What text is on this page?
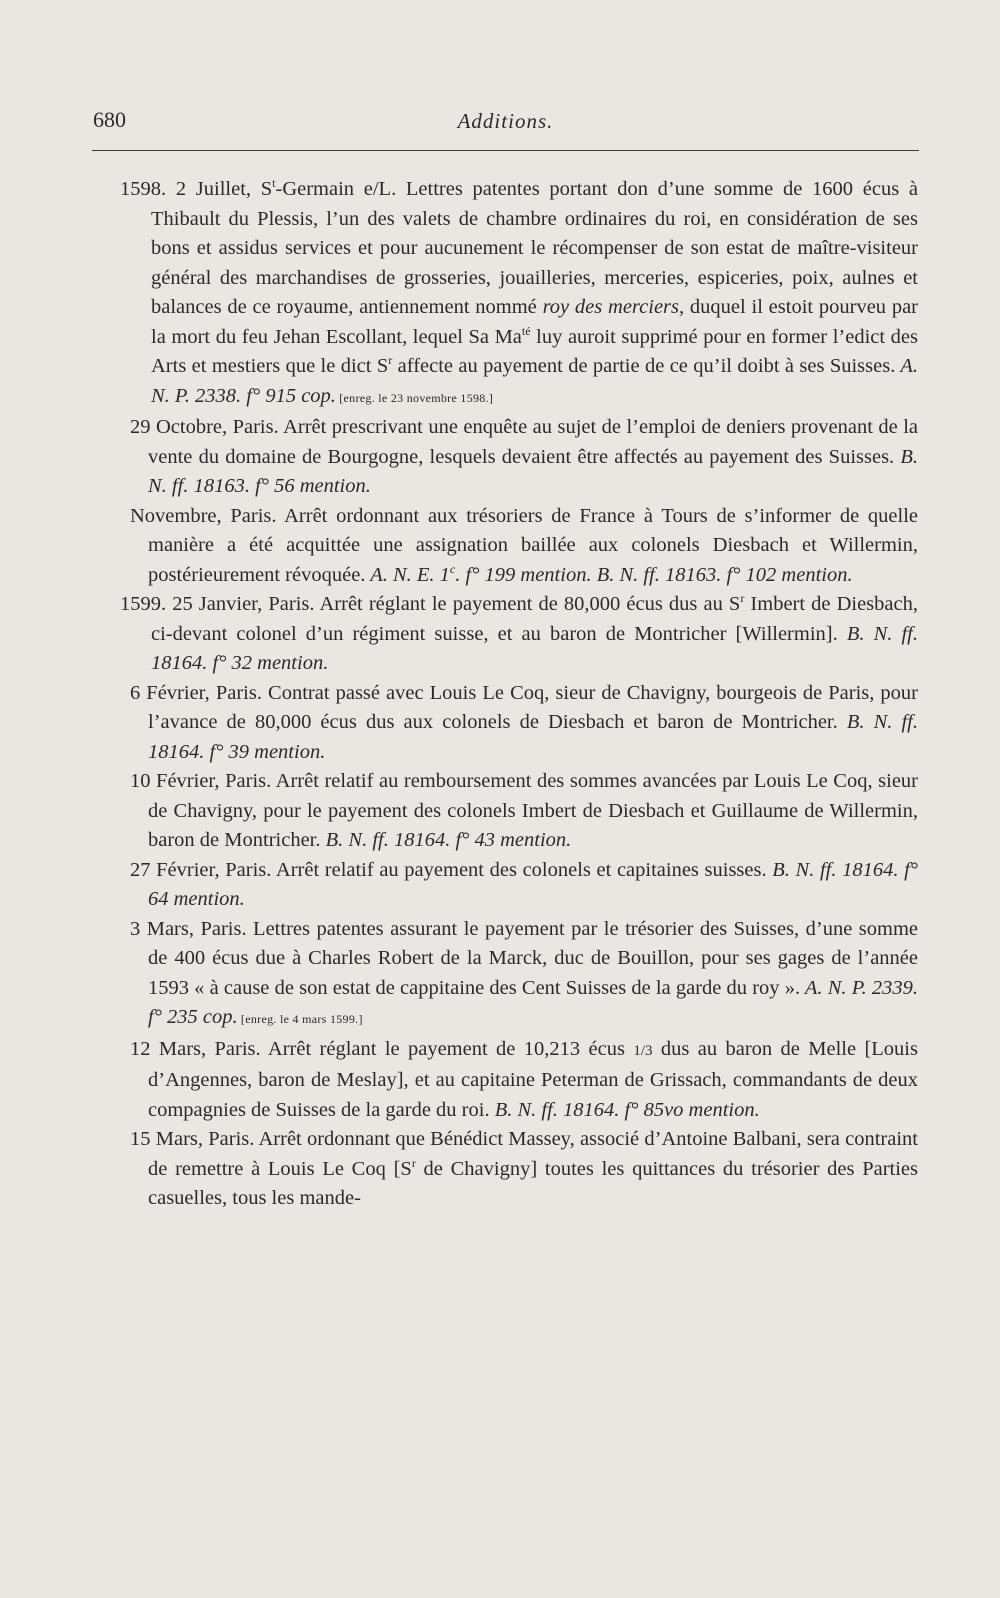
680	Additions.

1598. 2 Juillet, $S^t$-Germain e/L. Lettres patentes portant don d’une somme de 1600 écus à Thibault du Plessis, l’un des valets de chambre ordinaires du roi, en considération de ses bons et assidus services et pour aucunement le récompenser de son estat de maître-visiteur général des marchandises de grosseries, jouailleries, merceries, espiceries, poix, aulnes et balances de ce royaume, antiennement nommé roy des merciers, duquel il estoit pourveu par la mort du feu Jehan Escollant, lequel Sa $Ma^{té}$ luy auroit supprimé pour en former l’edict des Arts et mestiers que le dict $S^r$ affecte au payement de partie de ce qu’il doibt à ses Suisses. A. N. P. 2338. f° 915 cop. [enreg. le 23 novembre 1598.]

29 Octobre, Paris. Arrêt prescrivant une enquête au sujet de l’emploi de deniers provenant de la vente du domaine de Bourgogne, lesquels devaient être affectés au payement des Suisses. B. N. ff. 18163. f° 56 mention.

Novembre, Paris. Arrêt ordonnant aux trésoriers de France à Tours de s’informer de quelle manière a été acquittée une assignation baillée aux colonels Diesbach et Willermin, postérieurement révoquée. A. N. E. 1$^c$. f° 199 mention. B. N. ff. 18163. f° 102 mention.

1599. 25 Janvier, Paris. Arrêt réglant le payement de 80,000 écus dus au $S^r$ Imbert de Diesbach, ci-devant colonel d’un régiment suisse, et au baron de Montricher [Willermin]. B. N. ff. 18164. f° 32 mention.

6 Février, Paris. Contrat passé avec Louis Le Coq, sieur de Chavigny, bourgeois de Paris, pour l’avance de 80,000 écus dus aux colonels de Diesbach et baron de Montricher. B. N. ff. 18164. f° 39 mention.

10 Février, Paris. Arrêt relatif au remboursement des sommes avancées par Louis Le Coq, sieur de Chavigny, pour le payement des colonels Imbert de Diesbach et Guillaume de Willermin, baron de Montricher. B. N. ff. 18164. f° 43 mention.

27 Février, Paris. Arrêt relatif au payement des colonels et capitaines suisses. B. N. ff. 18164. f° 64 mention.

3 Mars, Paris. Lettres patentes assurant le payement par le trésorier des Suisses, d’une somme de 400 écus due à Charles Robert de la Marck, duc de Bouillon, pour ses gages de l’année 1593 « à cause de son estat de cappitaine des Cent Suisses de la garde du roy ». A. N. P. 2339. f° 235 cop. [enreg. le 4 mars 1599.]

12 Mars, Paris. Arrêt réglant le payement de 10,213 écus 1/3 dus au baron de Melle [Louis d’Angennes, baron de Meslay], et au capitaine Peterman de Grissach, commandants de deux compagnies de Suisses de la garde du roi. B. N. ff. 18164. f° 85vo mention.

15 Mars, Paris. Arrêt ordonnant que Bénédict Massey, associé d’Antoine Balbani, sera contraint de remettre à Louis Le Coq [$S^r$ de Chavigny] toutes les quittances du trésorier des Parties casuelles, tous les mande-
